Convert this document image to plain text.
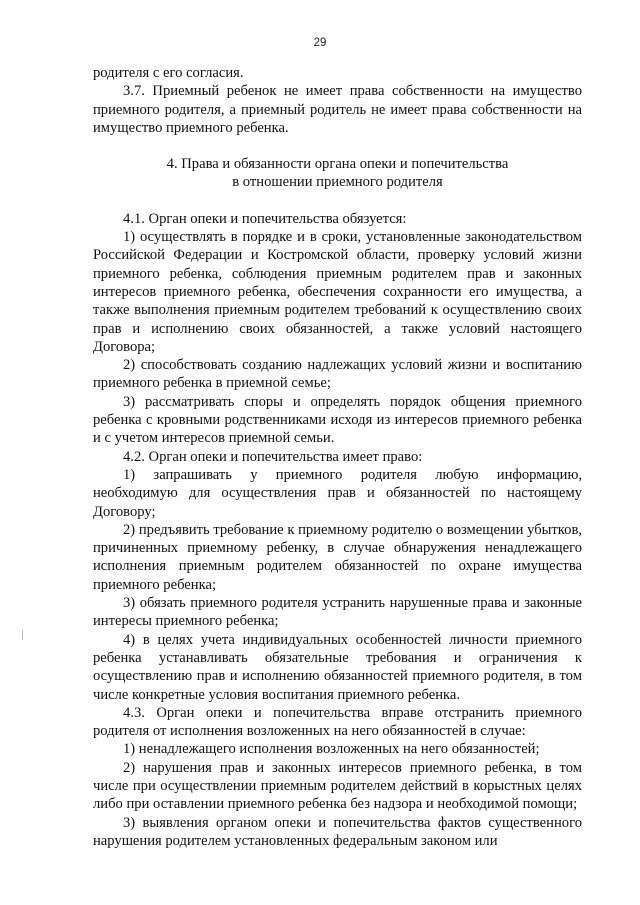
29

родителя с его согласия.

3.7. Приемный ребенок не имеет права собственности на имущество приемного родителя, а приемный родитель не имеет права собственности на имущество приемного ребенка.

4. Права и обязанности органа опеки и попечительства
в отношении приемного родителя

4.1. Орган опеки и попечительства обязуется:

1) осуществлять в порядке и в сроки, установленные законодательством Российской Федерации и Костромской области, проверку условий жизни приемного ребенка, соблюдения приемным родителем прав и законных интересов приемного ребенка, обеспечения сохранности его имущества, а также выполнения приемным родителем требований к осуществлению своих прав и исполнению своих обязанностей, а также условий настоящего Договора;

2) способствовать созданию надлежащих условий жизни и воспитанию приемного ребенка в приемной семье;

3) рассматривать споры и определять порядок общения приемного ребенка с кровными родственниками исходя из интересов приемного ребенка и с учетом интересов приемной семьи.

4.2. Орган опеки и попечительства имеет право:

1) запрашивать у приемного родителя любую информацию, необходимую для осуществления прав и обязанностей по настоящему Договору;

2) предъявить требование к приемному родителю о возмещении убытков, причиненных приемному ребенку, в случае обнаружения ненадлежащего исполнения приемным родителем обязанностей по охране имущества приемного ребенка;

3) обязать приемного родителя устранить нарушенные права и законные интересы приемного ребенка;

4) в целях учета индивидуальных особенностей личности приемного ребенка устанавливать обязательные требования и ограничения к осуществлению прав и исполнению обязанностей приемного родителя, в том числе конкретные условия воспитания приемного ребенка.

4.3. Орган опеки и попечительства вправе отстранить приемного родителя от исполнения возложенных на него обязанностей в случае:

1) ненадлежащего исполнения возложенных на него обязанностей;

2) нарушения прав и законных интересов приемного ребенка, в том числе при осуществлении приемным родителем действий в корыстных целях либо при оставлении приемного ребенка без надзора и необходимой помощи;

3) выявления органом опеки и попечительства фактов существенного нарушения родителем установленных федеральным законом или
